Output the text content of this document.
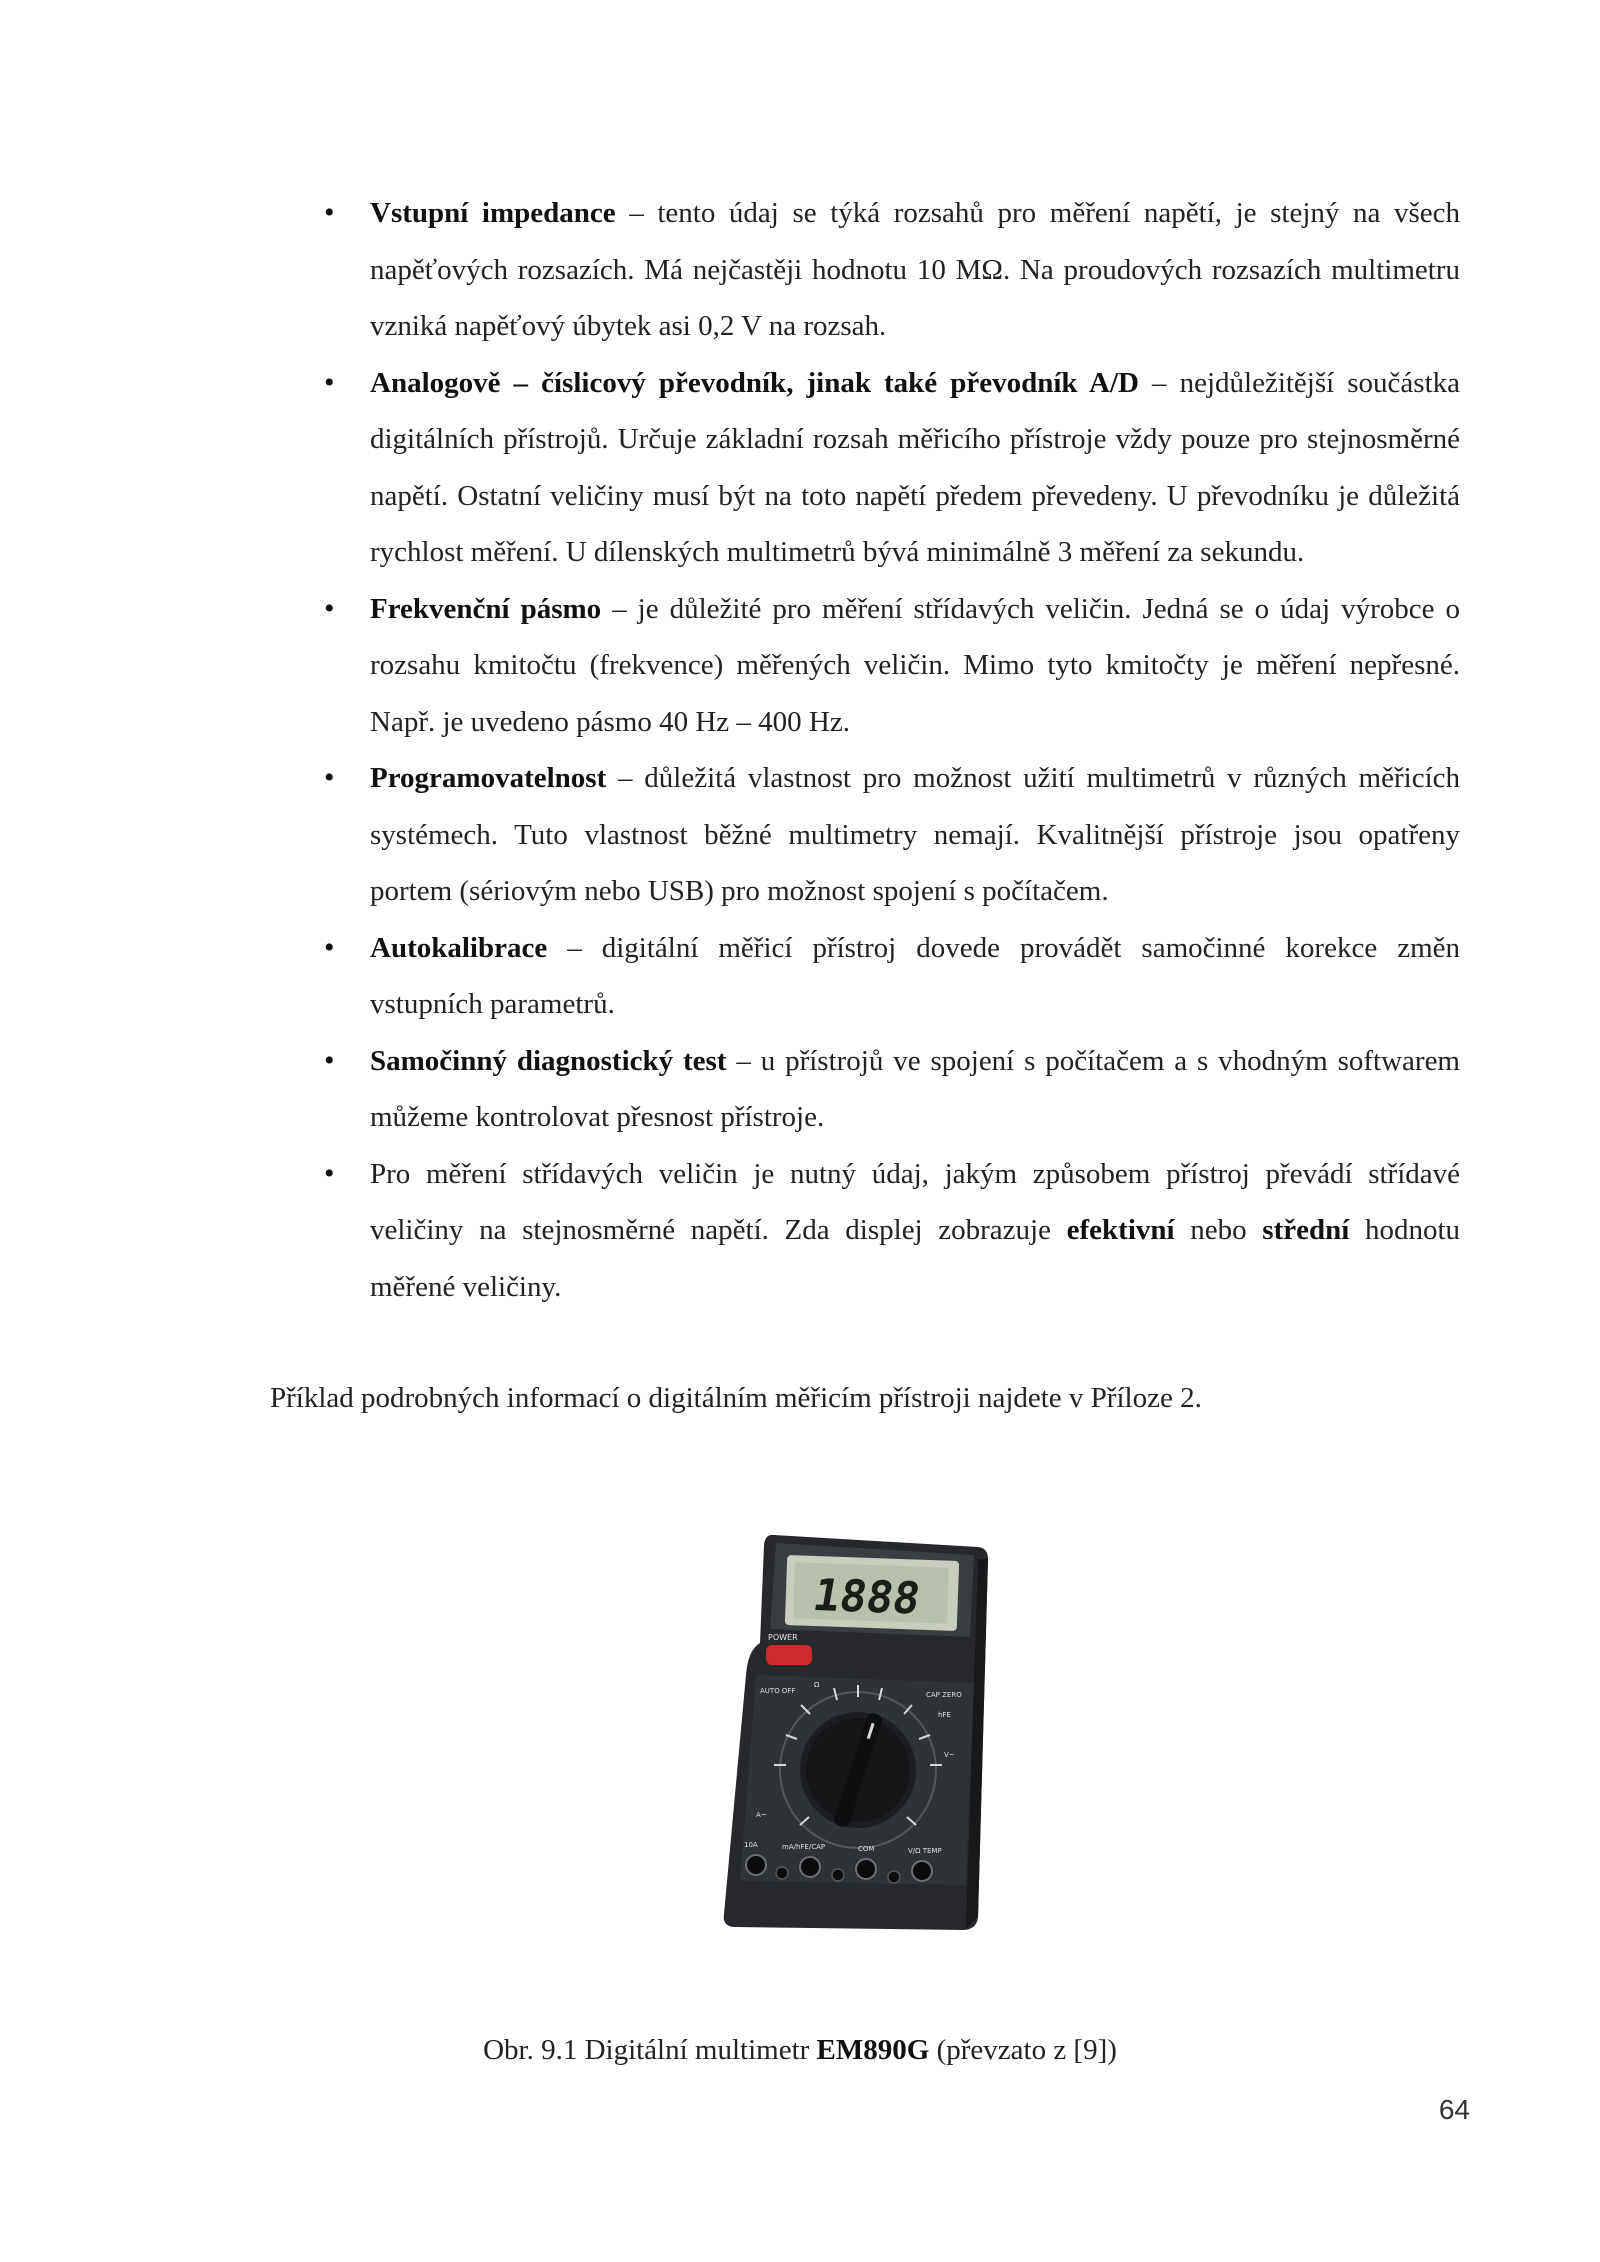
• Vstupní impedance – tento údaj se týká rozsahů pro měření napětí, je stejný na všech napěťových rozsazích. Má nejčastěji hodnotu 10 MΩ. Na proudových rozsazích multimetru vzniká napěťový úbytek asi 0,2 V na rozsah.
• Analogově – číslicový převodník, jinak také převodník A/D – nejdůležitější součástka digitálních přístrojů. Určuje základní rozsah měřicího přístroje vždy pouze pro stejnosměrné napětí. Ostatní veličiny musí být na toto napětí předem převedeny. U převodníku je důležitá rychlost měření. U dílenských multimetrů bývá minimálně 3 měření za sekundu.
• Frekvenční pásmo – je důležité pro měření střídavých veličin. Jedná se o údaj výrobce o rozsahu kmitočtu (frekvence) měřených veličin. Mimo tyto kmitočty je měření nepřesné. Např. je uvedeno pásmo 40 Hz – 400 Hz.
• Programovatelnost – důležitá vlastnost pro možnost užití multimetrů v různých měřicích systémech. Tuto vlastnost běžné multimetry nemají. Kvalitnější přístroje jsou opatřeny portem (sériovým nebo USB) pro možnost spojení s počítačem.
• Autokalibrace – digitální měřicí přístroj dovede provádět samočinné korekce změn vstupních parametrů.
• Samočinný diagnostický test – u přístrojů ve spojení s počítačem a s vhodným softwarem můžeme kontrolovat přesnost přístroje.
• Pro měření střídavých veličin je nutný údaj, jakým způsobem přístroj převádí střídavé veličiny na stejnosměrné napětí. Zda displej zobrazuje efektivní nebo střední hodnotu měřené veličiny.
Příklad podrobných informací o digitálním měřicím přístroji najdete v Příloze 2.
1888
POWER
AUTO OFF	CAP ZERO
hFE
V~
A~
Ω
10A	mA/hFE/CAP	COM	V/Ω TEMP
Obr. 9.1 Digitální multimetr EM890G (převzato z [9])
64
